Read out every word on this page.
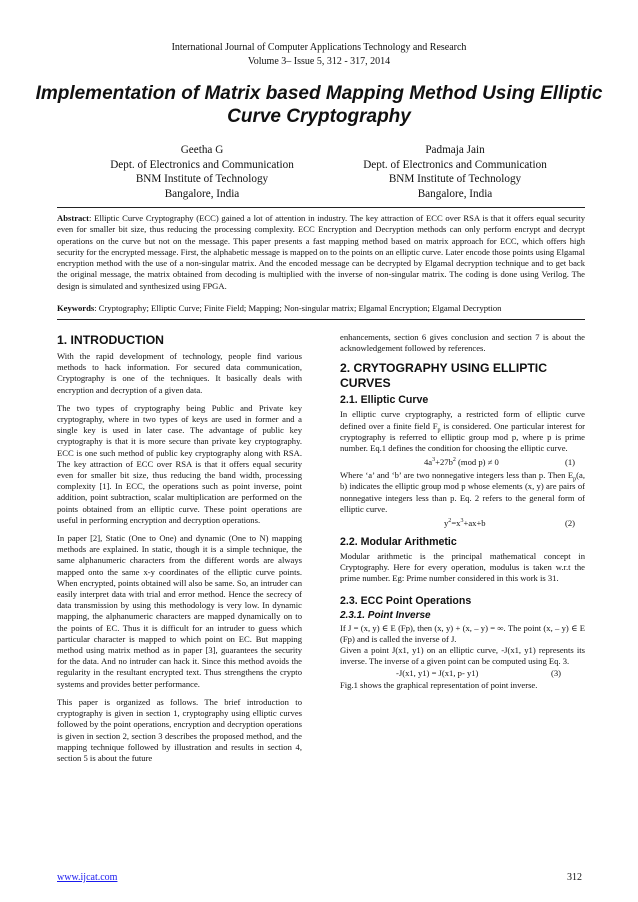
International Journal of Computer Applications Technology and Research
Volume 3– Issue 5, 312 - 317, 2014
Implementation of Matrix based Mapping Method Using Elliptic Curve Cryptography
Geetha G
Dept. of Electronics and Communication
BNM Institute of Technology
Bangalore, India
Padmaja Jain
Dept. of Electronics and Communication
BNM Institute of Technology
Bangalore, India
Abstract: Elliptic Curve Cryptography (ECC) gained a lot of attention in industry. The key attraction of ECC over RSA is that it offers equal security even for smaller bit size, thus reducing the processing complexity. ECC Encryption and Decryption methods can only perform encrypt and decrypt operations on the curve but not on the message. This paper presents a fast mapping method based on matrix approach for ECC, which offers high security for the encrypted message. First, the alphabetic message is mapped on to the points on an elliptic curve. Later encode those points using Elgamal encryption method with the use of a non-singular matrix. And the encoded message can be decrypted by Elgamal decryption technique and to get back the original message, the matrix obtained from decoding is multiplied with the inverse of non-singular matrix. The coding is done using Verilog. The design is simulated and synthesized using FPGA.
Keywords: Cryptography; Elliptic Curve; Finite Field; Mapping; Non-singular matrix; Elgamal Encryption; Elgamal Decryption
1. INTRODUCTION

With the rapid development of technology, people find various methods to hack information. For secured data communication, Cryptography is one of the techniques. It basically deals with encryption and decryption of a given data.

The two types of cryptography being Public and Private key cryptography, where in two types of keys are used in former and a single key is used in later case. The advantage of public key cryptography is that it is more secure than private key cryptography. ECC is one such method of public key cryptography along with RSA. The key attraction of ECC over RSA is that it offers equal security even for smaller bit size, thus reducing the band width, processing complexity [1]. In ECC, the operations such as point inverse, point addition, point subtraction, scalar multiplication are performed on the points obtained from an elliptic curve. These point operations are useful in performing encryption and decryption operations.

In paper [2], Static (One to One) and dynamic (One to N) mapping methods are explained. In static, though it is a simple technique, the same alphanumeric characters from the different words are always mapped onto the same x-y coordinates of the elliptic curve points. When encrypted, points obtained will also be same. So, an intruder can easily interpret data with trial and error method. Hence the secrecy of data transmission by using this methodology is very low. In dynamic mapping, the alphanumeric characters are mapped dynamically on to the points of EC. Thus it is difficult for an intruder to guess which particular character is mapped to which point on EC. But mapping method using matrix method as in paper [3], guarantees the security for the data. And no intruder can hack it. Since this method avoids the regularity in the resultant encrypted text. Thus strengthens the crypto systems and provides better performance.

This paper is organized as follows. The brief introduction to cryptography is given in section 1, cryptography using elliptic curves followed by the point operations, encryption and decryption operations is given in section 2, section 3 describes the proposed method, and the mapping technique followed by illustration and results in section 4, section 5 is about the future

enhancements, section 6 gives conclusion and section 7 is about the acknowledgement followed by references.

2. CRYTOGRAPHY USING ELLIPTIC CURVES
2.1. Elliptic Curve

In elliptic curve cryptography, a restricted form of elliptic curve defined over a finite field $F_p$ is considered. One particular interest for cryptography is referred to elliptic group mod p, where p is prime number. Eq.1 defines the condition for choosing the elliptic curve.

$4a^3+27b^2$ (mod p) ≠ 0	(1)

Where ‘a’ and ‘b’ are two nonnegative integers less than p. Then $E_p(a$, b) indicates the elliptic group mod p whose elements (x, y) are pairs of nonnegative integers less than p. Eq. 2 refers to the general form of elliptic curve.

$y^2=x^3+ax+b$	(2)
2.2. Modular Arithmetic

Modular arithmetic is the principal mathematical concept in Cryptography. Here for every operation, modulus is taken w.r.t the prime number. Eg: Prime number considered in this work is 31.

2.3. ECC Point Operations
2.3.1. Point Inverse

If J = (x, y) ∈ E (Fp), then (x, y) + (x, – y) = ∞. The point (x, – y) ∈ E (Fp) and is called the inverse of J.

Given a point J(x1, y1) on an elliptic curve, -J(x1, y1) represents its inverse. The inverse of a given point can be computed using Eq. 3.

-J(x1, y1) = J(x1, p- y1)	(3)

Fig.1 shows the graphical representation of point inverse.

www.ijcat.com	312
